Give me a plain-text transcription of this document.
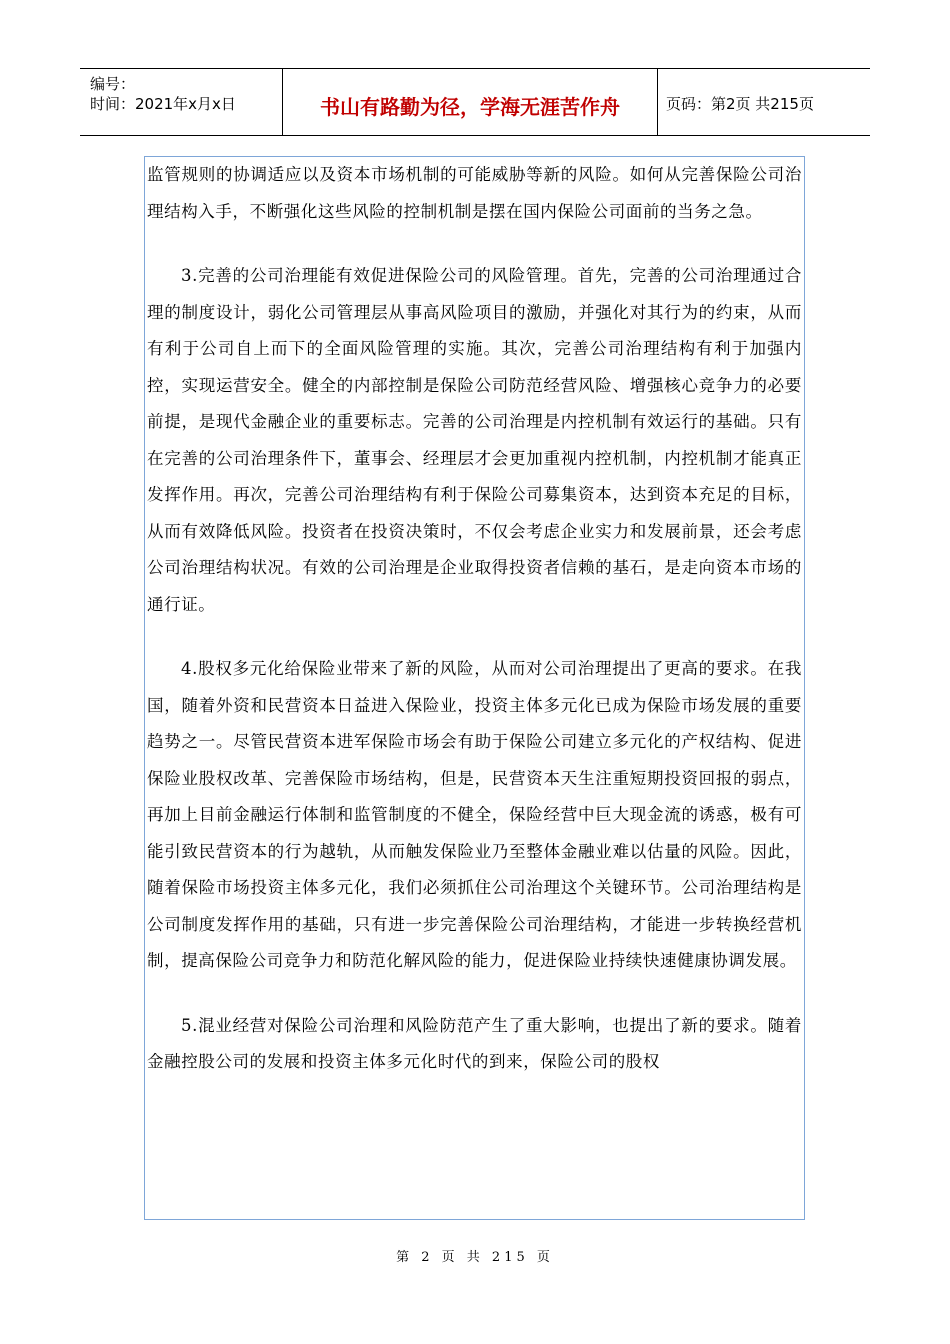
编号：
时间：2021年x月x日	书山有路勤为径，学海无涯苦作舟	页码：第2页 共215页

监管规则的协调适应以及资本市场机制的可能威胁等新的风险。如何从完善保险公司治理结构入手，不断强化这些风险的控制机制是摆在国内保险公司面前的当务之急。

3.完善的公司治理能有效促进保险公司的风险管理。首先，完善的公司治理通过合理的制度设计，弱化公司管理层从事高风险项目的激励，并强化对其行为的约束，从而有利于公司自上而下的全面风险管理的实施。其次，完善公司治理结构有利于加强内控，实现运营安全。健全的内部控制是保险公司防范经营风险、增强核心竞争力的必要前提，是现代金融企业的重要标志。完善的公司治理是内控机制有效运行的基础。只有在完善的公司治理条件下，董事会、经理层才会更加重视内控机制，内控机制才能真正发挥作用。再次，完善公司治理结构有利于保险公司募集资本，达到资本充足的目标，从而有效降低风险。投资者在投资决策时，不仅会考虑企业实力和发展前景，还会考虑公司治理结构状况。有效的公司治理是企业取得投资者信赖的基石，是走向资本市场的通行证。

4.股权多元化给保险业带来了新的风险，从而对公司治理提出了更高的要求。在我国，随着外资和民营资本日益进入保险业，投资主体多元化已成为保险市场发展的重要趋势之一。尽管民营资本进军保险市场会有助于保险公司建立多元化的产权结构、促进保险业股权改革、完善保险市场结构，但是，民营资本天生注重短期投资回报的弱点，再加上目前金融运行体制和监管制度的不健全，保险经营中巨大现金流的诱惑，极有可能引致民营资本的行为越轨，从而触发保险业乃至整体金融业难以估量的风险。因此，随着保险市场投资主体多元化，我们必须抓住公司治理这个关键环节。公司治理结构是公司制度发挥作用的基础，只有进一步完善保险公司治理结构，才能进一步转换经营机制，提高保险公司竞争力和防范化解风险的能力，促进保险业持续快速健康协调发展。

5.混业经营对保险公司治理和风险防范产生了重大影响，也提出了新的要求。随着金融控股公司的发展和投资主体多元化时代的到来，保险公司的股权

第 2 页 共 215 页
